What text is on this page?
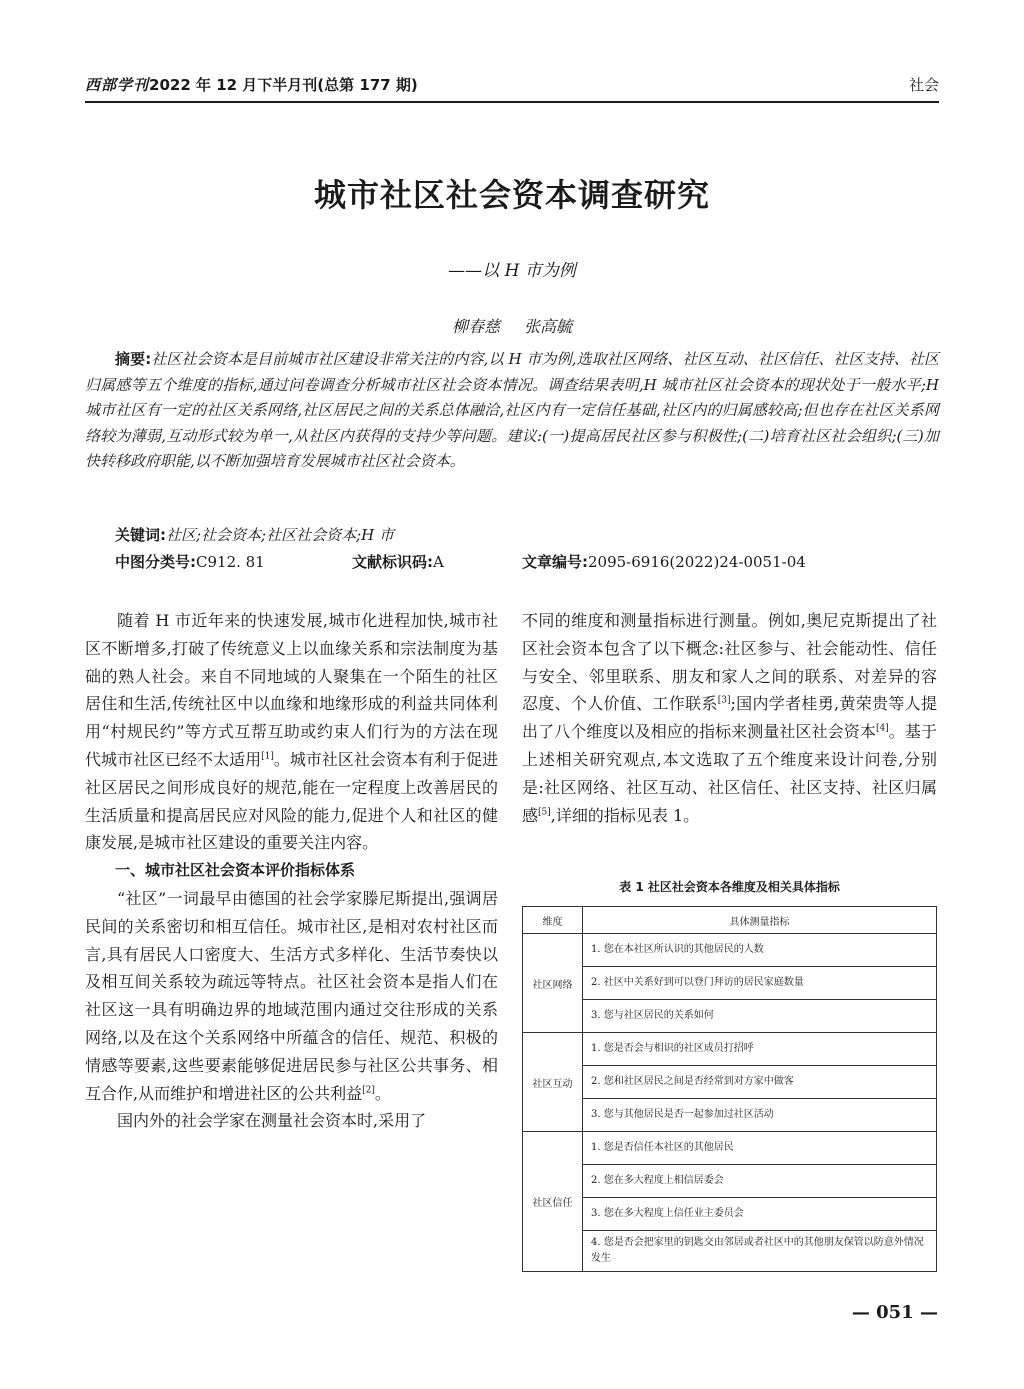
西部学刊2022 年 12 月下半月刊(总第 177 期)	社会
城市社区社会资本调查研究
——以 H 市为例
柳春慈 张高毓

摘要:社区社会资本是目前城市社区建设非常关注的内容,以 H 市为例,选取社区网络、社区互动、社区信任、社区支持、社区归属感等五个维度的指标,通过问卷调查分析城市社区社会资本情况。调查结果表明,H 城市社区社会资本的现状处于一般水平;H 城市社区有一定的社区关系网络,社区居民之间的关系总体融洽,社区内有一定信任基础,社区内的归属感较高;但也存在社区关系网络较为薄弱,互动形式较为单一,从社区内获得的支持少等问题。建议:(一)提高居民社区参与积极性;(二)培育社区社会组织;(三)加快转移政府职能,以不断加强培育发展城市社区社会资本。

关键词:社区;社会资本;社区社会资本;H 市
中图分类号:C912. 81	文献标识码:A	文章编号:2095-6916(2022)24-0051-04

随着 H 市近年来的快速发展,城市化进程加快,城市社区不断增多,打破了传统意义上以血缘关系和宗法制度为基础的熟人社会。来自不同地域的人聚集在一个陌生的社区居住和生活,传统社区中以血缘和地缘形成的利益共同体利用“村规民约”等方式互帮互助或约束人们行为的方法在现代城市社区已经不太适用[1]。城市社区社会资本有利于促进社区居民之间形成良好的规范,能在一定程度上改善居民的生活质量和提高居民应对风险的能力,促进个人和社区的健康发展,是城市社区建设的重要关注内容。

一、城市社区社会资本评价指标体系

“社区”一词最早由德国的社会学家滕尼斯提出,强调居民间的关系密切和相互信任。城市社区,是相对农村社区而言,具有居民人口密度大、生活方式多样化、生活节奏快以及相互间关系较为疏远等特点。社区社会资本是指人们在社区这一具有明确边界的地域范围内通过交往形成的关系网络,以及在这个关系网络中所蕴含的信任、规范、积极的情感等要素,这些要素能够促进居民参与社区公共事务、相互合作,从而维护和增进社区的公共利益[2]。

国内外的社会学家在测量社会资本时,采用了

不同的维度和测量指标进行测量。例如,奥尼克斯提出了社区社会资本包含了以下概念:社区参与、社会能动性、信任与安全、邻里联系、朋友和家人之间的联系、对差异的容忍度、个人价值、工作联系[3];国内学者桂勇,黄荣贵等人提出了八个维度以及相应的指标来测量社区社会资本[4]。基于上述相关研究观点,本文选取了五个维度来设计问卷,分别是:社区网络、社区互动、社区信任、社区支持、社区归属感[5],详细的指标见表 1。

表 1 社区社会资本各维度及相关具体指标
维度	具体测量指标
社区网络	1. 您在本社区所认识的其他居民的人数
	2. 社区中关系好到可以登门拜访的居民家庭数量
	3. 您与社区居民的关系如何
社区互动	1. 您是否会与相识的社区成员打招呼
	2. 您和社区居民之间是否经常到对方家中做客
	3. 您与其他居民是否一起参加过社区活动
社区信任	1. 您是否信任本社区的其他居民
	2. 您在多大程度上相信居委会
	3. 您在多大程度上信任业主委员会
	4. 您是否会把家里的钥匙交由邻居或者社区中的其他朋友保管以防意外情况发生
— 051 —
